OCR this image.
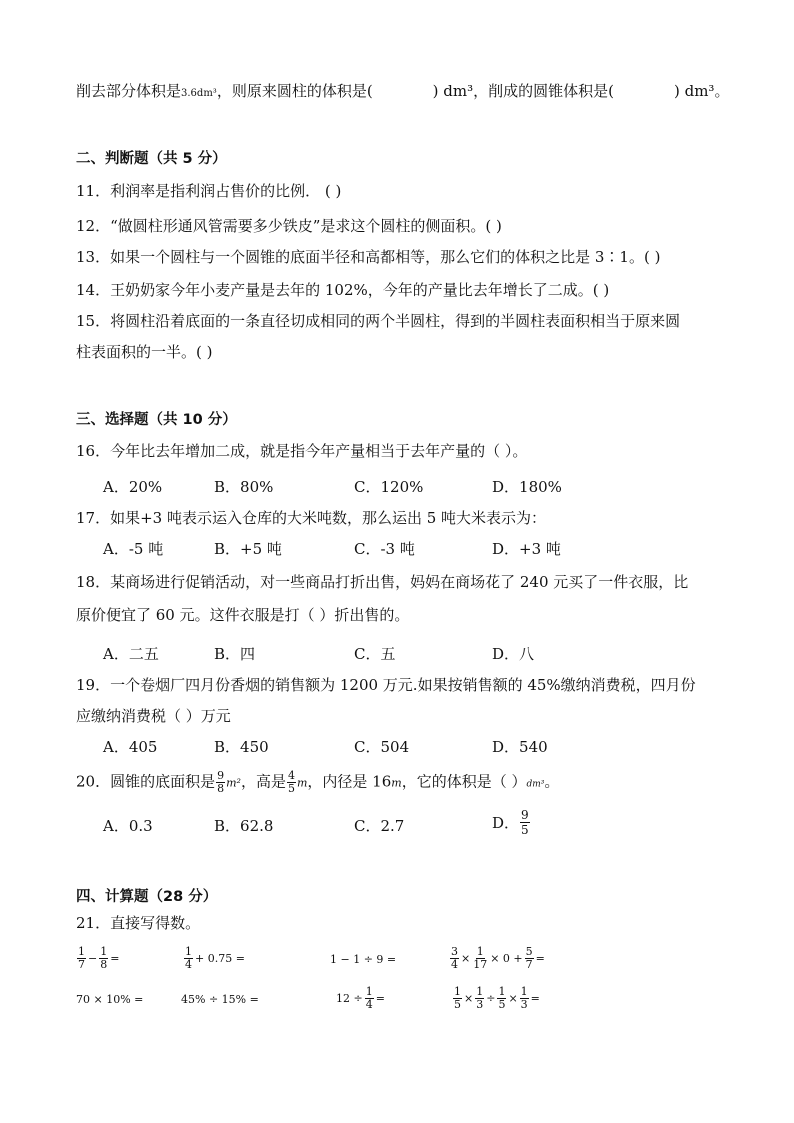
削去部分体积是3.6dm³，则原来圆柱的体积是(	) dm³，削成的圆锥体积是(	) dm³。
二、判断题（共 5 分）
11．利润率是指利润占售价的比例． ( )
12．“做圆柱形通风管需要多少铁皮”是求这个圆柱的侧面积。( )
13．如果一个圆柱与一个圆锥的底面半径和高都相等，那么它们的体积之比是 3∶1。( )
14．王奶奶家今年小麦产量是去年的 102%，今年的产量比去年增长了二成。( )
15．将圆柱沿着底面的一条直径切成相同的两个半圆柱，得到的半圆柱表面积相当于原来圆
柱表面积的一半。( )
三、选择题（共 10 分）
16．今年比去年增加二成，就是指今年产量相当于去年产量的（ ）。
A．20%	B．80%	C．120%	D．180%
17．如果+3 吨表示运入仓库的大米吨数，那么运出 5 吨大米表示为：
A．-5 吨	B．+5 吨	C．-3 吨	D．+3 吨
18．某商场进行促销活动，对一些商品打折出售，妈妈在商场花了 240 元买了一件衣服，比
原价便宜了 60 元。这件衣服是打（ ）折出售的。
A．二五	B．四	C．五	D．八
19．一个卷烟厂四月份香烟的销售额为 1200 万元.如果按销售额的 45%缴纳消费税，四月份
应缴纳消费税（ ）万元
A．405	B．450	C．504	D．540
20．圆锥的底面积是 $\frac{9}{8} m^2$，高是 $\frac{4}{5}$ m，内径是 16m，它的体积是（ ）dm³。
A．0.3	B．62.8	C．2.7	D． $\frac{9}{5}$
四、计算题（28 分）
21．直接写得数。
$\frac{1}{7} - \frac{1}{8}$ =	$\frac{1}{4} + 0.75$ =	1 − 1 ÷ 9 =	$\frac{3}{4} \times \frac{1}{17} \times 0 + \frac{5}{7}$ =
70 × 10% =	45% ÷ 15% =	$12 \div \frac{1}{4}$ =	$\frac{1}{5} \times \frac{1}{3} \div \frac{1}{5} \times \frac{1}{3}$ =
